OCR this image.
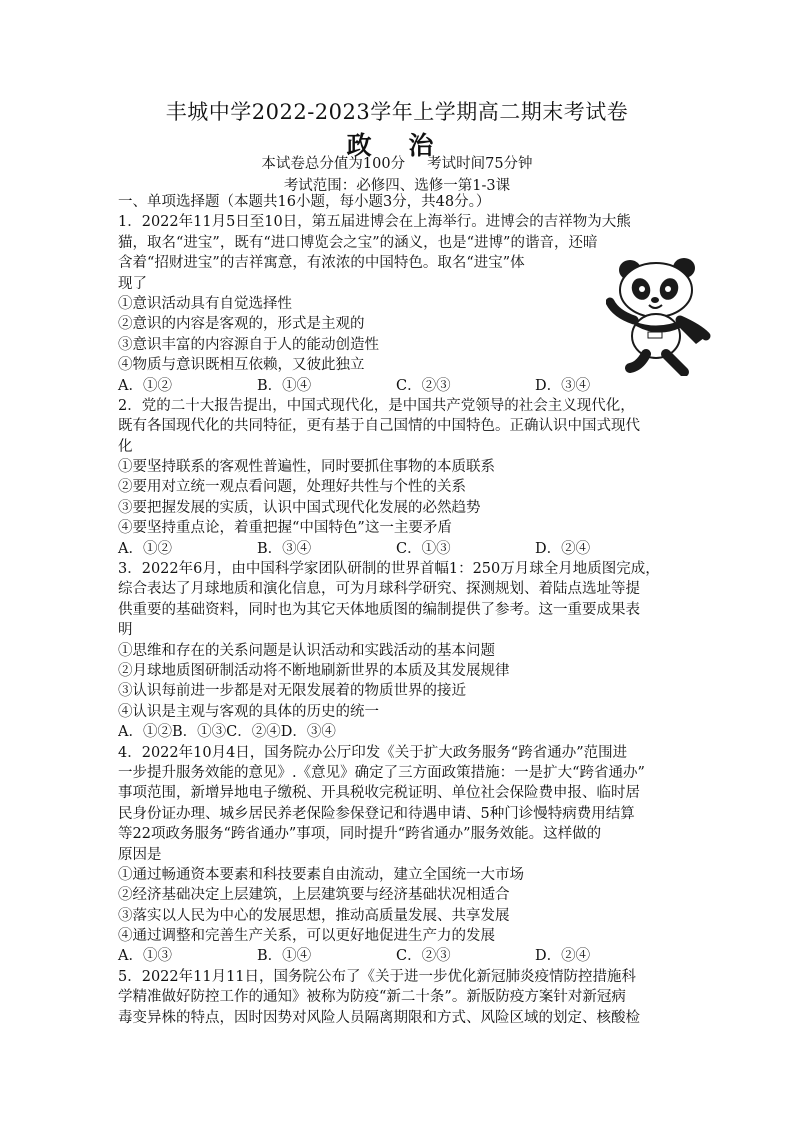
丰城中学2022-2023学年上学期高二期末考试卷
政 治
本试卷总分值为100分 考试时间75分钟
考试范围：必修四、选修一第1-3课
一、单项选择题（本题共16小题，每小题3分，共48分。）
1．2022年11月5日至10日，第五届进博会在上海举行。进博会的吉祥物为大熊
猫，取名“进宝”，既有“进口博览会之宝”的涵义，也是“进博”的谐音，还暗
含着“招财进宝”的吉祥寓意，有浓浓的中国特色。取名“进宝”体
现了
①意识活动具有自觉选择性
②意识的内容是客观的，形式是主观的
③意识丰富的内容源自于人的能动创造性
④物质与意识既相互依赖，又彼此独立
A．①②	B．①④	C．②③	D．③④
2．党的二十大报告提出，中国式现代化，是中国共产党领导的社会主义现代化，
既有各国现代化的共同特征，更有基于自己国情的中国特色。正确认识中国式现代
化
①要坚持联系的客观性普遍性，同时要抓住事物的本质联系
②要用对立统一观点看问题，处理好共性与个性的关系
③要把握发展的实质，认识中国式现代化发展的必然趋势
④要坚持重点论，着重把握“中国特色”这一主要矛盾
A．①②	B．③④	C．①③	D．②④
3．2022年6月，由中国科学家团队研制的世界首幅1：250万月球全月地质图完成，
综合表达了月球地质和演化信息，可为月球科学研究、探测规划、着陆点选址等提
供重要的基础资料，同时也为其它天体地质图的编制提供了参考。这一重要成果表
明
①思维和存在的关系问题是认识活动和实践活动的基本问题
②月球地质图研制活动将不断地刷新世界的本质及其发展规律
③认识每前进一步都是对无限发展着的物质世界的接近
④认识是主观与客观的具体的历史的统一
A．①②B．①③C．②④D．③④
4．2022年10月4日，国务院办公厅印发《关于扩大政务服务“跨省通办”范围进
一步提升服务效能的意见》.《意见》确定了三方面政策措施：一是扩大“跨省通办”
事项范围，新增异地电子缴税、开具税收完税证明、单位社会保险费申报、临时居
民身份证办理、城乡居民养老保险参保登记和待遇申请、5种门诊慢特病费用结算
等22项政务服务“跨省通办”事项，同时提升“跨省通办”服务效能。这样做的
原因是
①通过畅通资本要素和科技要素自由流动，建立全国统一大市场
②经济基础决定上层建筑，上层建筑要与经济基础状况相适合
③落实以人民为中心的发展思想，推动高质量发展、共享发展
④通过调整和完善生产关系，可以更好地促进生产力的发展
A．①③	B．①④	C．②③	D．②④
5．2022年11月11日，国务院公布了《关于进一步优化新冠肺炎疫情防控措施科
学精准做好防控工作的通知》被称为防疫“新二十条”。新版防疫方案针对新冠病
毒变异株的特点，因时因势对风险人员隔离期限和方式、风险区域的划定、核酸检
